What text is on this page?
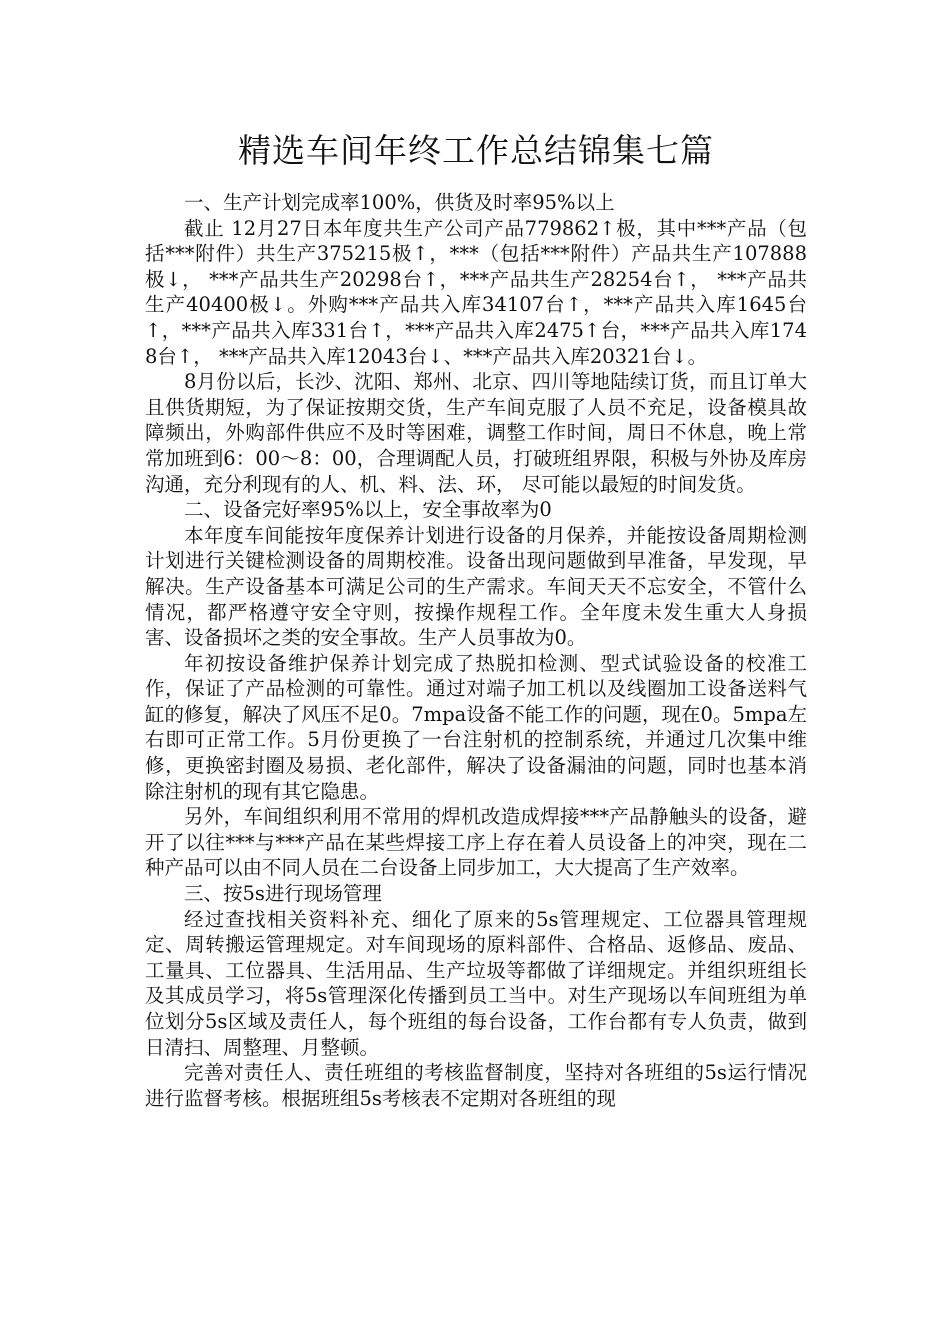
精选车间年终工作总结锦集七篇

一、生产计划完成率100%，供货及时率95%以上

截止 12月27日本年度共生产公司产品779862↑极，其中***产品（包括***附件）共生产375215极↑，***（包括***附件）产品共生产107888极↓， ***产品共生产20298台↑，***产品共生产28254台↑， ***产品共生产40400极↓。外购***产品共入库34107台↑，***产品共入库1645台↑，***产品共入库331台↑，***产品共入库2475↑台，***产品共入库1748台↑， ***产品共入库12043台↓、***产品共入库20321台↓。

8月份以后，长沙、沈阳、郑州、北京、四川等地陆续订货，而且订单大且供货期短，为了保证按期交货，生产车间克服了人员不充足，设备模具故障频出，外购部件供应不及时等困难，调整工作时间，周日不休息，晚上常常加班到6：00～8：00，合理调配人员，打破班组界限，积极与外协及库房沟通，充分利现有的人、机、料、法、环， 尽可能以最短的时间发货。

二、设备完好率95%以上，安全事故率为0

本年度车间能按年度保养计划进行设备的月保养，并能按设备周期检测计划进行关键检测设备的周期校准。设备出现问题做到早准备，早发现，早解决。生产设备基本可满足公司的生产需求。车间天天不忘安全，不管什么情况，都严格遵守安全守则，按操作规程工作。全年度未发生重大人身损害、设备损坏之类的安全事故。生产人员事故为0。

年初按设备维护保养计划完成了热脱扣检测、型式试验设备的校准工作，保证了产品检测的可靠性。通过对端子加工机以及线圈加工设备送料气缸的修复，解决了风压不足0。7mpa设备不能工作的问题，现在0。5mpa左右即可正常工作。5月份更换了一台注射机的控制系统，并通过几次集中维修，更换密封圈及易损、老化部件，解决了设备漏油的问题，同时也基本消除注射机的现有其它隐患。

另外，车间组织利用不常用的焊机改造成焊接***产品静触头的设备，避开了以往***与***产品在某些焊接工序上存在着人员设备上的冲突，现在二种产品可以由不同人员在二台设备上同步加工，大大提高了生产效率。

三、按5s进行现场管理

经过查找相关资料补充、细化了原来的5s管理规定、工位器具管理规定、周转搬运管理规定。对车间现场的原料部件、合格品、返修品、废品、工量具、工位器具、生活用品、生产垃圾等都做了详细规定。并组织班组长及其成员学习，将5s管理深化传播到员工当中。对生产现场以车间班组为单位划分5s区域及责任人，每个班组的每台设备，工作台都有专人负责，做到日清扫、周整理、月整顿。

完善对责任人、责任班组的考核监督制度，坚持对各班组的5s运行情况进行监督考核。根据班组5s考核表不定期对各班组的现
